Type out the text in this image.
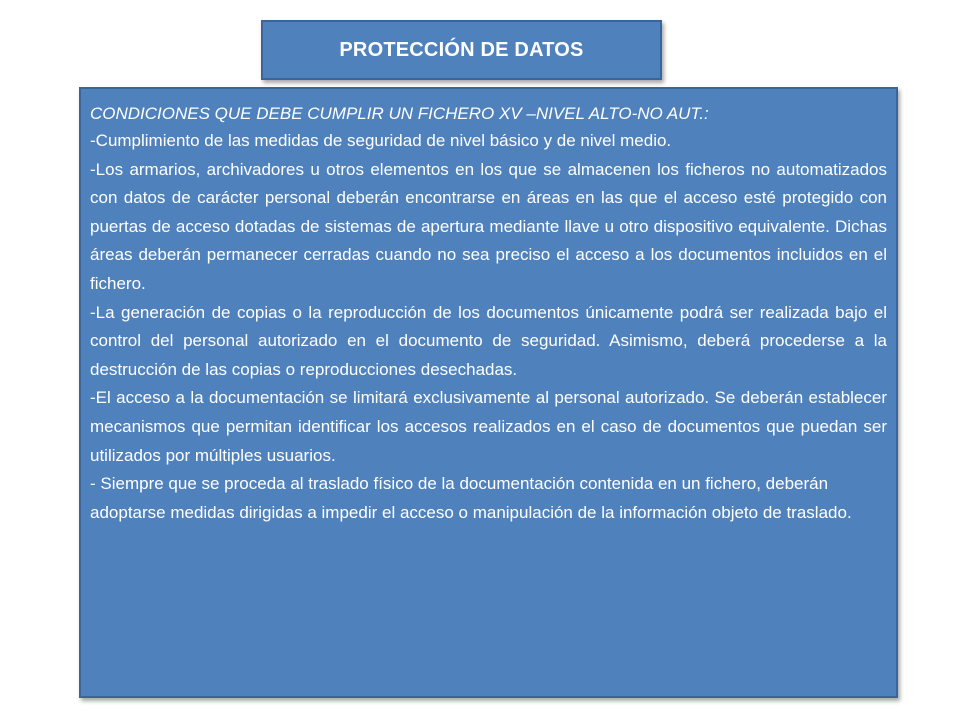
PROTECCIÓN DE DATOS

CONDICIONES QUE DEBE CUMPLIR UN FICHERO XV –NIVEL ALTO-NO AUT.:

-Cumplimiento de las medidas de seguridad de nivel básico y de nivel medio.

-Los armarios, archivadores u otros elementos en los que se almacenen los ficheros no automatizados con datos de carácter personal deberán encontrarse en áreas en las que el acceso esté protegido con puertas de acceso dotadas de sistemas de apertura mediante llave u otro dispositivo equivalente. Dichas áreas deberán permanecer cerradas cuando no sea preciso el acceso a los documentos incluidos en el fichero.

-La generación de copias o la reproducción de los documentos únicamente podrá ser realizada bajo el control del personal autorizado en el documento de seguridad. Asimismo, deberá procederse a la destrucción de las copias o reproducciones desechadas.

-El acceso a la documentación se limitará exclusivamente al personal autorizado. Se deberán establecer mecanismos que permitan identificar los accesos realizados en el caso de documentos que puedan ser utilizados por múltiples usuarios.

- Siempre que se proceda al traslado físico de la documentación contenida en un fichero, deberán adoptarse medidas dirigidas a impedir el acceso o manipulación de la información objeto de traslado.
